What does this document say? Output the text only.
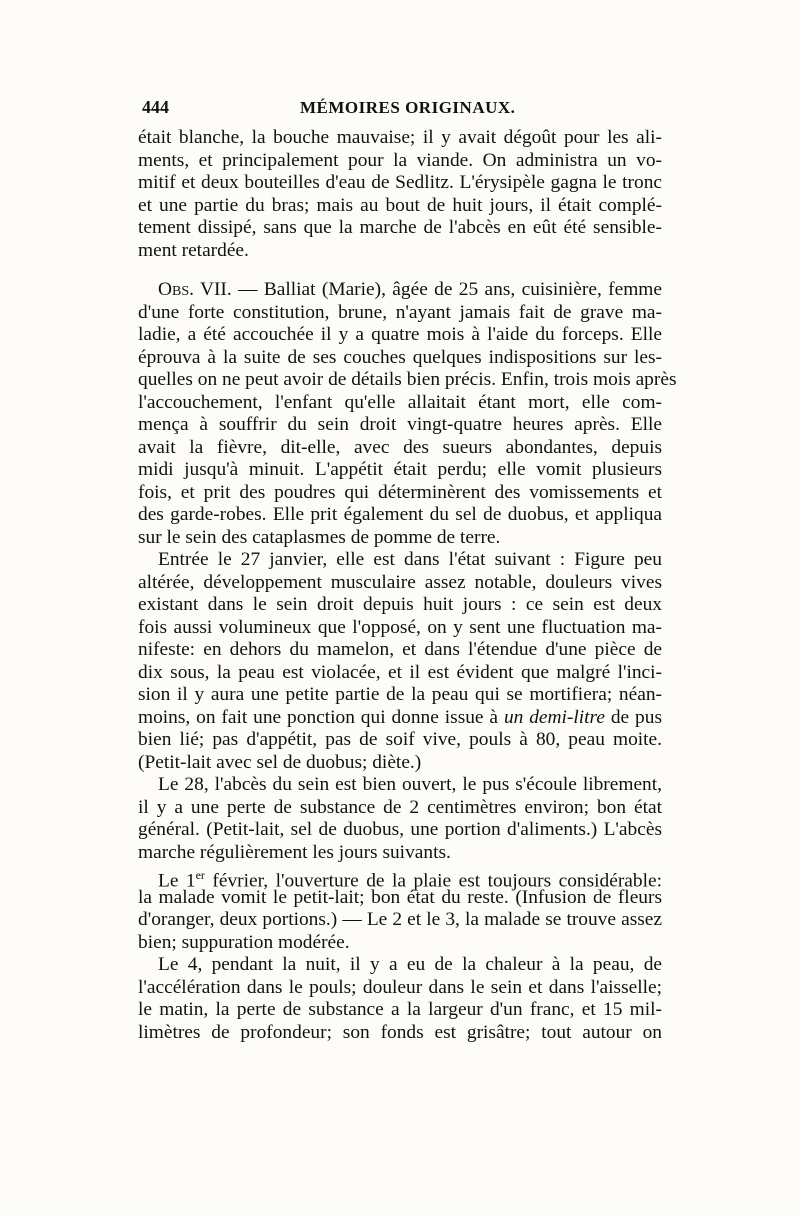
444	MÉMOIRES ORIGINAUX.
était blanche, la bouche mauvaise; il y avait dégoût pour les ali-
ments, et principalement pour la viande. On administra un vo-
mitif et deux bouteilles d'eau de Sedlitz. L'érysipèle gagna le tronc
et une partie du bras; mais au bout de huit jours, il était complé-
tement dissipé, sans que la marche de l'abcès en eût été sensible-
ment retardée.
Obs. VII. — Balliat (Marie), âgée de 25 ans, cuisinière, femme
d'une forte constitution, brune, n'ayant jamais fait de grave ma-
ladie, a été accouchée il y a quatre mois à l'aide du forceps. Elle
éprouva à la suite de ses couches quelques indispositions sur les-
quelles on ne peut avoir de détails bien précis. Enfin, trois mois après
l'accouchement, l'enfant qu'elle allaitait étant mort, elle com-
mença à souffrir du sein droit vingt-quatre heures après. Elle
avait la fièvre, dit-elle, avec des sueurs abondantes, depuis
midi jusqu'à minuit. L'appétit était perdu; elle vomit plusieurs
fois, et prit des poudres qui déterminèrent des vomissements et
des garde-robes. Elle prit également du sel de duobus, et appliqua
sur le sein des cataplasmes de pomme de terre.
Entrée le 27 janvier, elle est dans l'état suivant : Figure peu
altérée, développement musculaire assez notable, douleurs vives
existant dans le sein droit depuis huit jours : ce sein est deux
fois aussi volumineux que l'opposé, on y sent une fluctuation ma-
nifeste: en dehors du mamelon, et dans l'étendue d'une pièce de
dix sous, la peau est violacée, et il est évident que malgré l'inci-
sion il y aura une petite partie de la peau qui se mortifiera; néan-
moins, on fait une ponction qui donne issue à un demi-litre de pus
bien lié; pas d'appétit, pas de soif vive, pouls à 80, peau moite.
(Petit-lait avec sel de duobus; diète.)
Le 28, l'abcès du sein est bien ouvert, le pus s'écoule librement,
il y a une perte de substance de 2 centimètres environ; bon état
général. (Petit-lait, sel de duobus, une portion d'aliments.) L'abcès
marche régulièrement les jours suivants.
Le 1er février, l'ouverture de la plaie est toujours considérable:
la malade vomit le petit-lait; bon état du reste. (Infusion de fleurs
d'oranger, deux portions.) — Le 2 et le 3, la malade se trouve assez
bien; suppuration modérée.
Le 4, pendant la nuit, il y a eu de la chaleur à la peau, de
l'accélération dans le pouls; douleur dans le sein et dans l'aisselle;
le matin, la perte de substance a la largeur d'un franc, et 15 mil-
limètres de profondeur; son fonds est grisâtre; tout autour on
